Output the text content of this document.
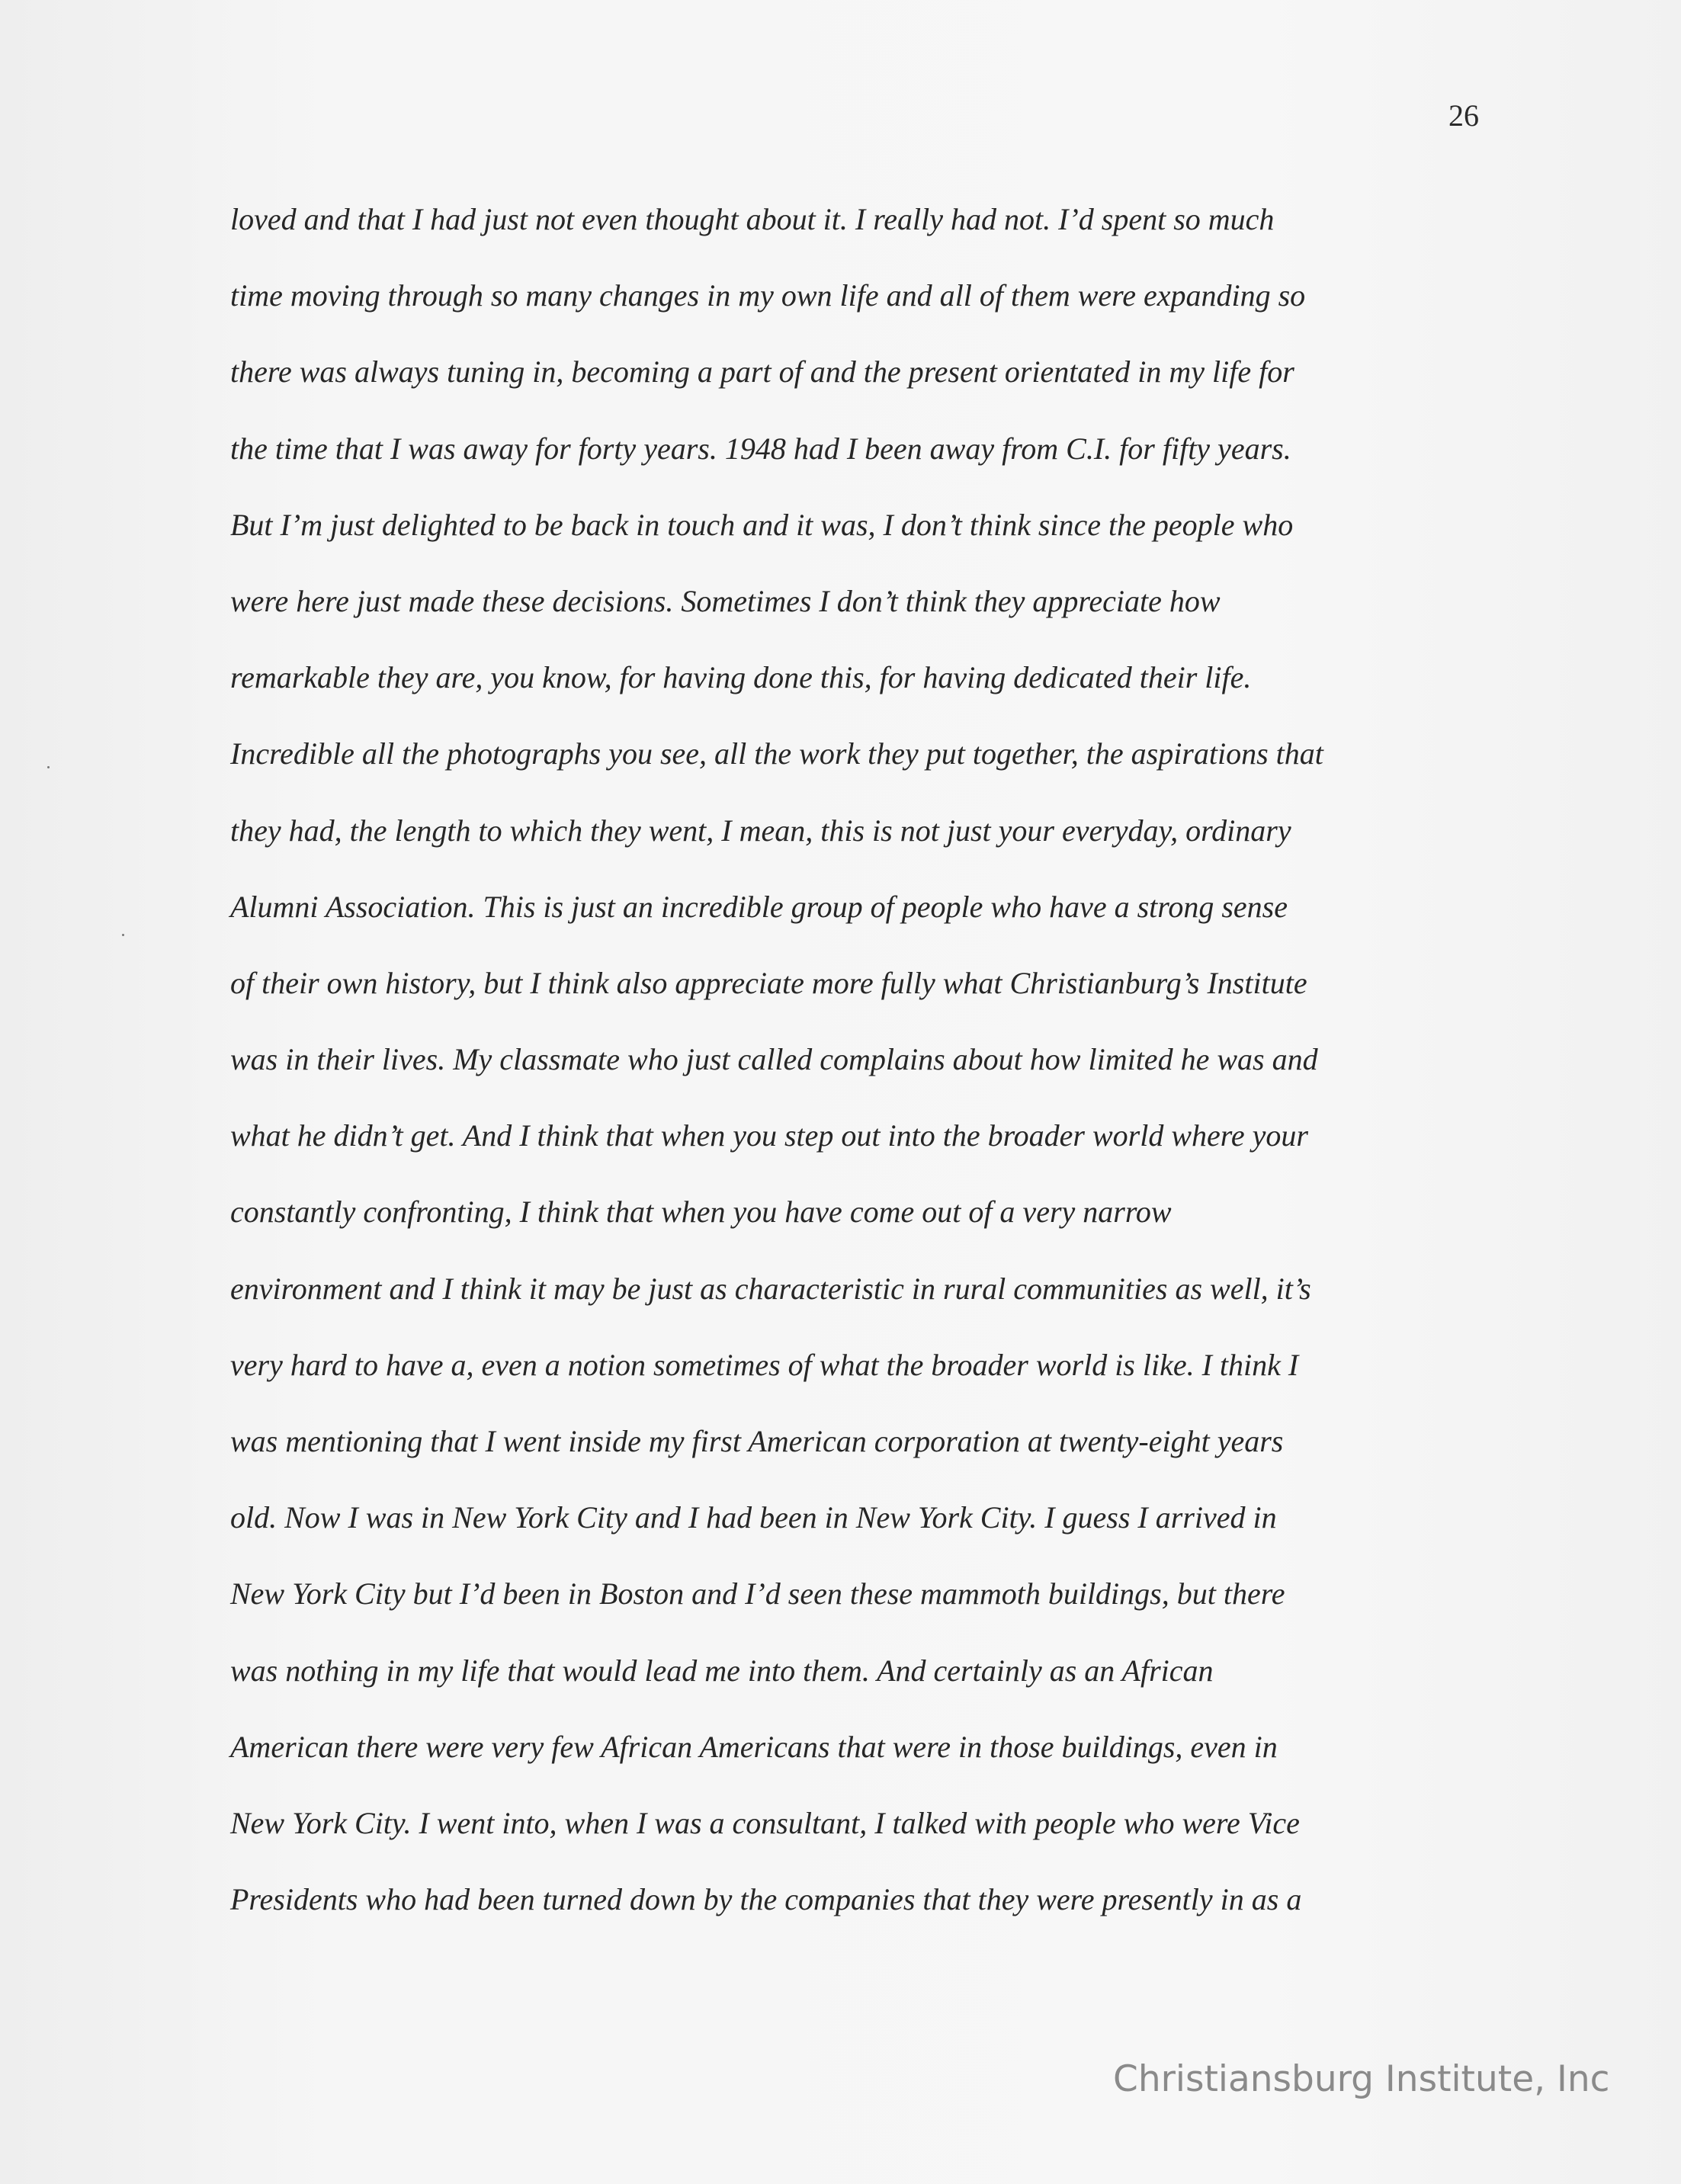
26
loved and that I had just not even thought about it. I really had not. I’d spent so much
time moving through so many changes in my own life and all of them were expanding so
there was always tuning in, becoming a part of and the present orientated in my life for
the time that I was away for forty years. 1948 had I been away from C.I. for fifty years.
But I’m just delighted to be back in touch and it was, I don’t think since the people who
were here just made these decisions. Sometimes I don’t think they appreciate how
remarkable they are, you know, for having done this, for having dedicated their life.
Incredible all the photographs you see, all the work they put together, the aspirations that
they had, the length to which they went, I mean, this is not just your everyday, ordinary
Alumni Association. This is just an incredible group of people who have a strong sense
of their own history, but I think also appreciate more fully what Christianburg’s Institute
was in their lives. My classmate who just called complains about how limited he was and
what he didn’t get. And I think that when you step out into the broader world where your
constantly confronting, I think that when you have come out of a very narrow
environment and I think it may be just as characteristic in rural communities as well, it’s
very hard to have a, even a notion sometimes of what the broader world is like. I think I
was mentioning that I went inside my first American corporation at twenty-eight years
old. Now I was in New York City and I had been in New York City. I guess I arrived in
New York City but I’d been in Boston and I’d seen these mammoth buildings, but there
was nothing in my life that would lead me into them. And certainly as an African
American there were very few African Americans that were in those buildings, even in
New York City. I went into, when I was a consultant, I talked with people who were Vice
Presidents who had been turned down by the companies that they were presently in as a
Christiansburg Institute, Inc
